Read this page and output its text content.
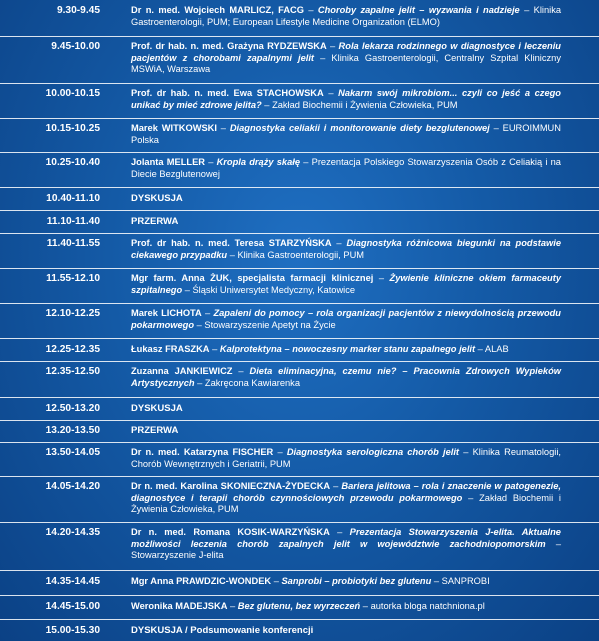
9.30-9.45	Dr n. med. Wojciech MARLICZ, FACG – Choroby zapalne jelit – wyzwania i nadzieje – Klinika Gastroenterologii, PUM; European Lifestyle Medicine Organization (ELMO)
9.45-10.00	Prof. dr hab. n. med. Grażyna RYDZEWSKA – Rola lekarza rodzinnego w diagnostyce i leczeniu pacjentów z chorobami zapalnymi jelit – Klinika Gastroenterologii, Centralny Szpital Kliniczny MSWiA, Warszawa
10.00-10.15	Prof. dr hab. n. med. Ewa STACHOWSKA – Nakarm swój mikrobiom... czyli co jeść a czego unikać by mieć zdrowe jelita? – Zakład Biochemii i Żywienia Człowieka, PUM
10.15-10.25	Marek WITKOWSKI – Diagnostyka celiakii i monitorowanie diety bezglutenowej – EUROIMMUN Polska
10.25-10.40	Jolanta MELLER – Kropla drąży skałę – Prezentacja Polskiego Stowarzyszenia Osób z Celiakią i na Diecie Bezglutenowej
10.40-11.10	DYSKUSJA
11.10-11.40	PRZERWA
11.40-11.55	Prof. dr hab. n. med. Teresa STARZYŃSKA – Diagnostyka różnicowa biegunki na podstawie ciekawego przypadku – Klinika Gastroenterologii, PUM
11.55-12.10	Mgr farm. Anna ŻUK, specjalista farmacji klinicznej – Żywienie kliniczne okiem farmaceuty szpitalnego – Śląski Uniwersytet Medyczny, Katowice
12.10-12.25	Marek LICHOTA – Zapaleni do pomocy – rola organizacji pacjentów z niewydolnością przewodu pokarmowego – Stowarzyszenie Apetyt na Życie
12.25-12.35	Łukasz FRASZKA – Kalprotektyna – nowoczesny marker stanu zapalnego jelit – ALAB
12.35-12.50	Zuzanna JANKIEWICZ – Dieta eliminacyjna, czemu nie? – Pracownia Zdrowych Wypieków Artystycznych – Zakręcona Kawiarenka
12.50-13.20	DYSKUSJA
13.20-13.50	PRZERWA
13.50-14.05	Dr n. med. Katarzyna FISCHER – Diagnostyka serologiczna chorób jelit – Klinika Reumatologii, Chorób Wewnętrznych i Geriatrii, PUM
14.05-14.20	Dr n. med. Karolina SKONIECZNA-ŻYDECKA – Bariera jelitowa – rola i znaczenie w patogenezie, diagnostyce i terapii chorób czynnościowych przewodu pokarmowego – Zakład Biochemii i Żywienia Człowieka, PUM
14.20-14.35	Dr n. med. Romana KOSIK-WARZYŃSKA – Prezentacja Stowarzyszenia J-elita. Aktualne możliwości leczenia chorób zapalnych jelit w województwie zachodniopomorskim – Stowarzyszenie J-elita
14.35-14.45	Mgr Anna PRAWDZIC-WONDEK – Sanprobi – probiotyki bez glutenu – SANPROBI
14.45-15.00	Weronika MADEJSKA – Bez glutenu, bez wyrzeczeń – autorka bloga natchniona.pl
15.00-15.30	DYSKUSJA / Podsumowanie konferencji
